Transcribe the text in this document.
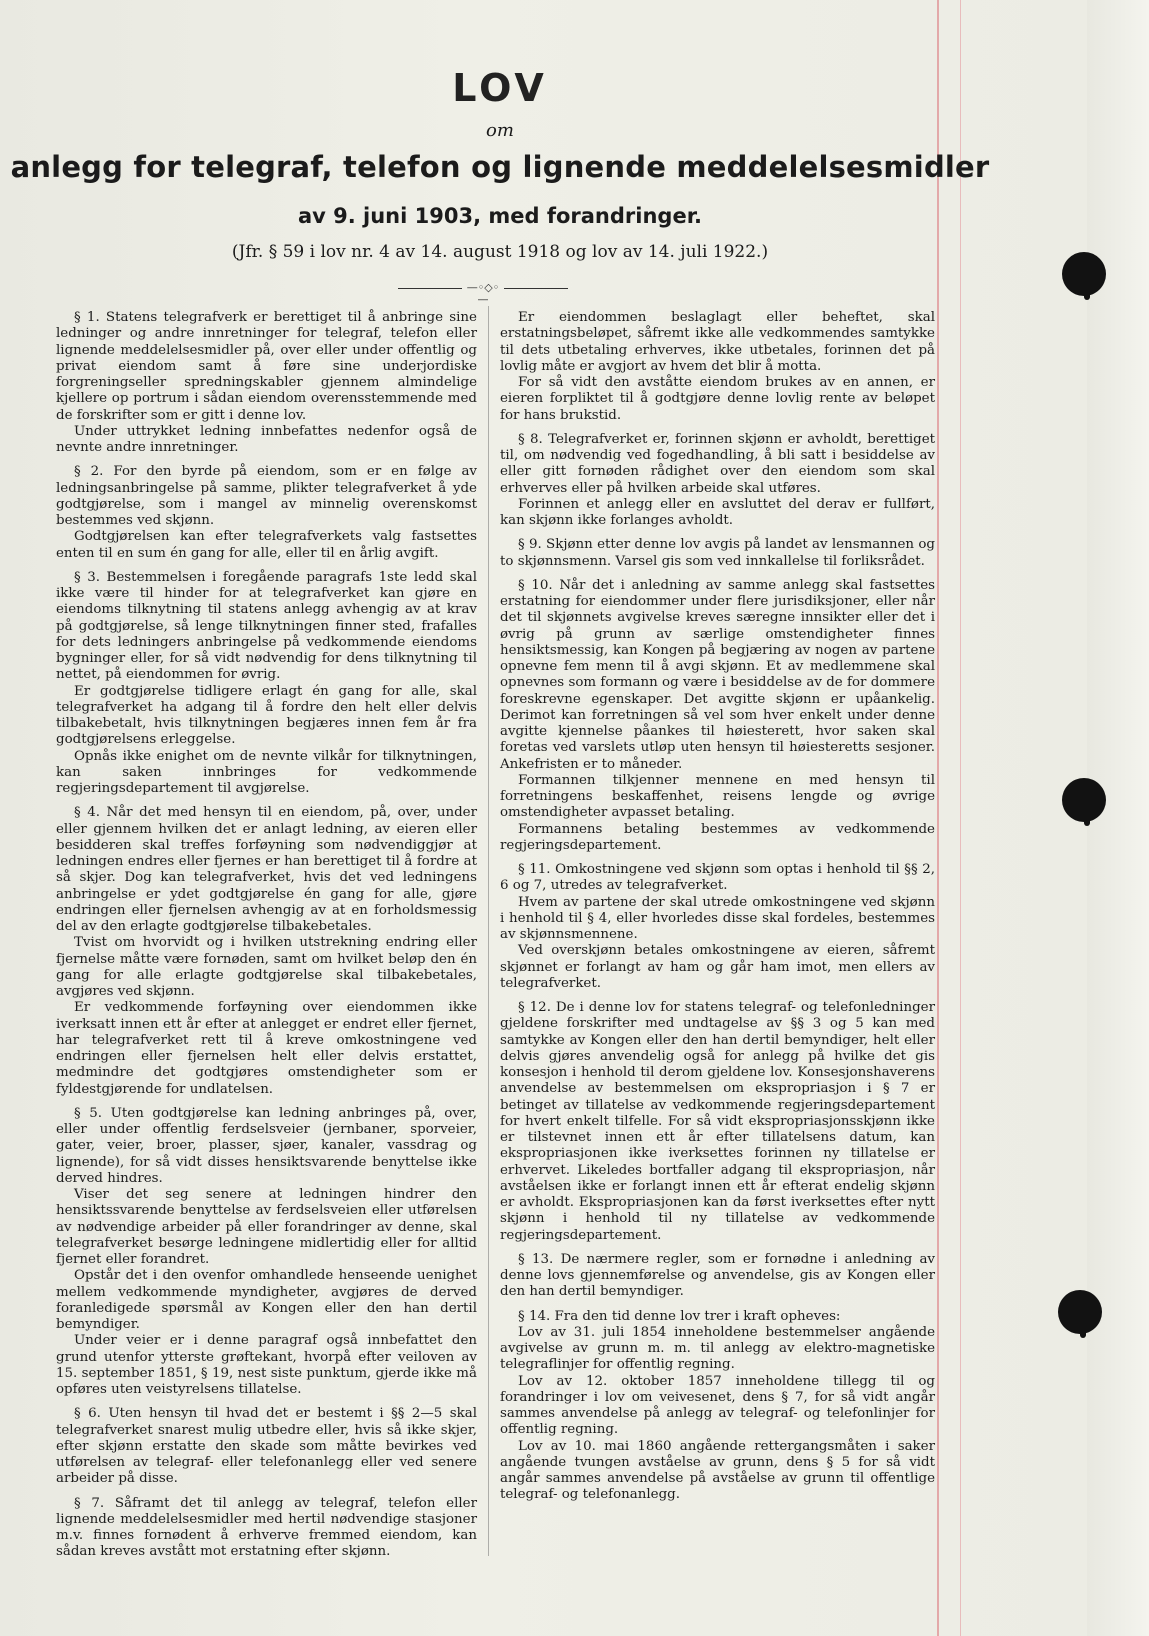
LOV
om
anlegg for telegraf, telefon og lignende meddelelsesmidler
av 9. juni 1903, med forandringer.
(Jfr. § 59 i lov nr. 4 av 14. august 1918 og lov av 14. juli 1922.)
—◦◇◦—

§ 1. Statens telegrafverk er berettiget til å anbringe sine ledninger og andre innretninger for telegraf, telefon eller lignende meddelelsesmidler på, over eller under offentlig og privat eiendom samt å føre sine underjordiske forgreningseller spredningskabler gjennem almindelige kjellere op portrum i sådan eiendom overensstemmende med de forskrifter som er gitt i denne lov.

Under uttrykket ledning innbefattes nedenfor også de nevnte andre innretninger.

§ 2. For den byrde på eiendom, som er en følge av ledningsanbringelse på samme, plikter telegrafverket å yde godtgjørelse, som i mangel av minnelig overenskomst bestemmes ved skjønn.

Godtgjørelsen kan efter telegrafverkets valg fastsettes enten til en sum én gang for alle, eller til en årlig avgift.

§ 3. Bestemmelsen i foregående paragrafs 1ste ledd skal ikke være til hinder for at telegrafverket kan gjøre en eiendoms tilknytning til statens anlegg avhengig av at krav på godtgjørelse, så lenge tilknytningen finner sted, frafalles for dets ledningers anbringelse på vedkommende eiendoms bygninger eller, for så vidt nødvendig for dens tilknytning til nettet, på eiendommen for øvrig.

Er godtgjørelse tidligere erlagt én gang for alle, skal telegrafverket ha adgang til å fordre den helt eller delvis tilbakebetalt, hvis tilknytningen begjæres innen fem år fra godtgjørelsens erleggelse.

Opnås ikke enighet om de nevnte vilkår for tilknytningen, kan saken innbringes for vedkommende regjeringsdepartement til avgjørelse.

§ 4. Når det med hensyn til en eiendom, på, over, under eller gjennem hvilken det er anlagt ledning, av eieren eller besidderen skal treffes forføyning som nødvendiggjør at ledningen endres eller fjernes er han berettiget til å fordre at så skjer. Dog kan telegrafverket, hvis det ved ledningens anbringelse er ydet godtgjørelse én gang for alle, gjøre endringen eller fjernelsen avhengig av at en forholdsmessig del av den erlagte godtgjørelse tilbakebetales.

Tvist om hvorvidt og i hvilken utstrekning endring eller fjernelse måtte være fornøden, samt om hvilket beløp den én gang for alle erlagte godtgjørelse skal tilbakebetales, avgjøres ved skjønn.

Er vedkommende forføyning over eiendommen ikke iverksatt innen ett år efter at anlegget er endret eller fjernet, har telegrafverket rett til å kreve omkostningene ved endringen eller fjernelsen helt eller delvis erstattet, medmindre det godtgjøres omstendigheter som er fyldestgjørende for undlatelsen.

§ 5. Uten godtgjørelse kan ledning anbringes på, over, eller under offentlig ferdselsveier (jernbaner, sporveier, gater, veier, broer, plasser, sjøer, kanaler, vassdrag og lignende), for så vidt disses hensiktsvarende benyttelse ikke derved hindres.

Viser det seg senere at ledningen hindrer den hensiktssvarende benyttelse av ferdselsveien eller utførelsen av nødvendige arbeider på eller forandringer av denne, skal telegrafverket besørge ledningene midlertidig eller for alltid fjernet eller forandret.

Opstår det i den ovenfor omhandlede henseende uenighet mellem vedkommende myndigheter, avgjøres de derved foranledigede spørsmål av Kongen eller den han dertil bemyndiger.

Under veier er i denne paragraf også innbefattet den grund utenfor ytterste grøftekant, hvorpå efter veiloven av 15. september 1851, § 19, nest siste punktum, gjerde ikke må opføres uten veistyrelsens tillatelse.

§ 6. Uten hensyn til hvad det er bestemt i §§ 2—5 skal telegrafverket snarest mulig utbedre eller, hvis så ikke skjer, efter skjønn erstatte den skade som måtte bevirkes ved utførelsen av telegraf- eller telefonanlegg eller ved senere arbeider på disse.

§ 7. Såframt det til anlegg av telegraf, telefon eller lignende meddelelsesmidler med hertil nødvendige stasjoner m.v. finnes fornødent å erhverve fremmed eiendom, kan sådan kreves avstått mot erstatning efter skjønn.

Er eiendommen beslaglagt eller beheftet, skal erstatningsbeløpet, såfremt ikke alle vedkommendes samtykke til dets utbetaling erhverves, ikke utbetales, forinnen det på lovlig måte er avgjort av hvem det blir å motta.

For så vidt den avståtte eiendom brukes av en annen, er eieren forpliktet til å godtgjøre denne lovlig rente av beløpet for hans brukstid.

§ 8. Telegrafverket er, forinnen skjønn er avholdt, berettiget til, om nødvendig ved fogedhandling, å bli satt i besiddelse av eller gitt fornøden rådighet over den eiendom som skal erhverves eller på hvilken arbeide skal utføres.

Forinnen et anlegg eller en avsluttet del derav er fullført, kan skjønn ikke forlanges avholdt.

§ 9. Skjønn etter denne lov avgis på landet av lensmannen og to skjønnsmenn. Varsel gis som ved innkallelse til forliksrådet.

§ 10. Når det i anledning av samme anlegg skal fastsettes erstatning for eiendommer under flere jurisdiksjoner, eller når det til skjønnets avgivelse kreves særegne innsikter eller det i øvrig på grunn av særlige omstendigheter finnes hensiktsmessig, kan Kongen på begjæring av nogen av partene opnevne fem menn til å avgi skjønn. Et av medlemmene skal opnevnes som formann og være i besiddelse av de for dommere foreskrevne egenskaper. Det avgitte skjønn er upåankelig. Derimot kan forretningen så vel som hver enkelt under denne avgitte kjennelse påankes til høiesterett, hvor saken skal foretas ved varslets utløp uten hensyn til høiesteretts sesjoner. Ankefristen er to måneder.

Formannen tilkjenner mennene en med hensyn til forretningens beskaffenhet, reisens lengde og øvrige omstendigheter avpasset betaling.

Formannens betaling bestemmes av vedkommende regjeringsdepartement.

§ 11. Omkostningene ved skjønn som optas i henhold til §§ 2, 6 og 7, utredes av telegrafverket.

Hvem av partene der skal utrede omkostningene ved skjønn i henhold til § 4, eller hvorledes disse skal fordeles, bestemmes av skjønnsmennene.

Ved overskjønn betales omkostningene av eieren, såfremt skjønnet er forlangt av ham og går ham imot, men ellers av telegrafverket.

§ 12. De i denne lov for statens telegraf- og telefonledninger gjeldene forskrifter med undtagelse av §§ 3 og 5 kan med samtykke av Kongen eller den han dertil bemyndiger, helt eller delvis gjøres anvendelig også for anlegg på hvilke det gis konsesjon i henhold til derom gjeldene lov. Konsesjonshaverens anvendelse av bestemmelsen om ekspropriasjon i § 7 er betinget av tillatelse av vedkommende regjeringsdepartement for hvert enkelt tilfelle. For så vidt ekspropriasjonsskjønn ikke er tilstevnet innen ett år efter tillatelsens datum, kan ekspropriasjonen ikke iverksettes forinnen ny tillatelse er erhvervet. Likeledes bortfaller adgang til ekspropriasjon, når avståelsen ikke er forlangt innen ett år efterat endelig skjønn er avholdt. Ekspropriasjonen kan da først iverksettes efter nytt skjønn i henhold til ny tillatelse av vedkommende regjeringsdepartement.

§ 13. De nærmere regler, som er fornødne i anledning av denne lovs gjennemførelse og anvendelse, gis av Kongen eller den han dertil bemyndiger.

§ 14. Fra den tid denne lov trer i kraft opheves:

Lov av 31. juli 1854 inneholdene bestemmelser angående avgivelse av grunn m. m. til anlegg av elektro-magnetiske telegraflinjer for offentlig regning.

Lov av 12. oktober 1857 inneholdene tillegg til og forandringer i lov om veivesenet, dens § 7, for så vidt angår sammes anvendelse på anlegg av telegraf- og telefonlinjer for offentlig regning.

Lov av 10. mai 1860 angående rettergangsmåten i saker angående tvungen avståelse av grunn, dens § 5 for så vidt angår sammes anvendelse på avståelse av grunn til offentlige telegraf- og telefonanlegg.
